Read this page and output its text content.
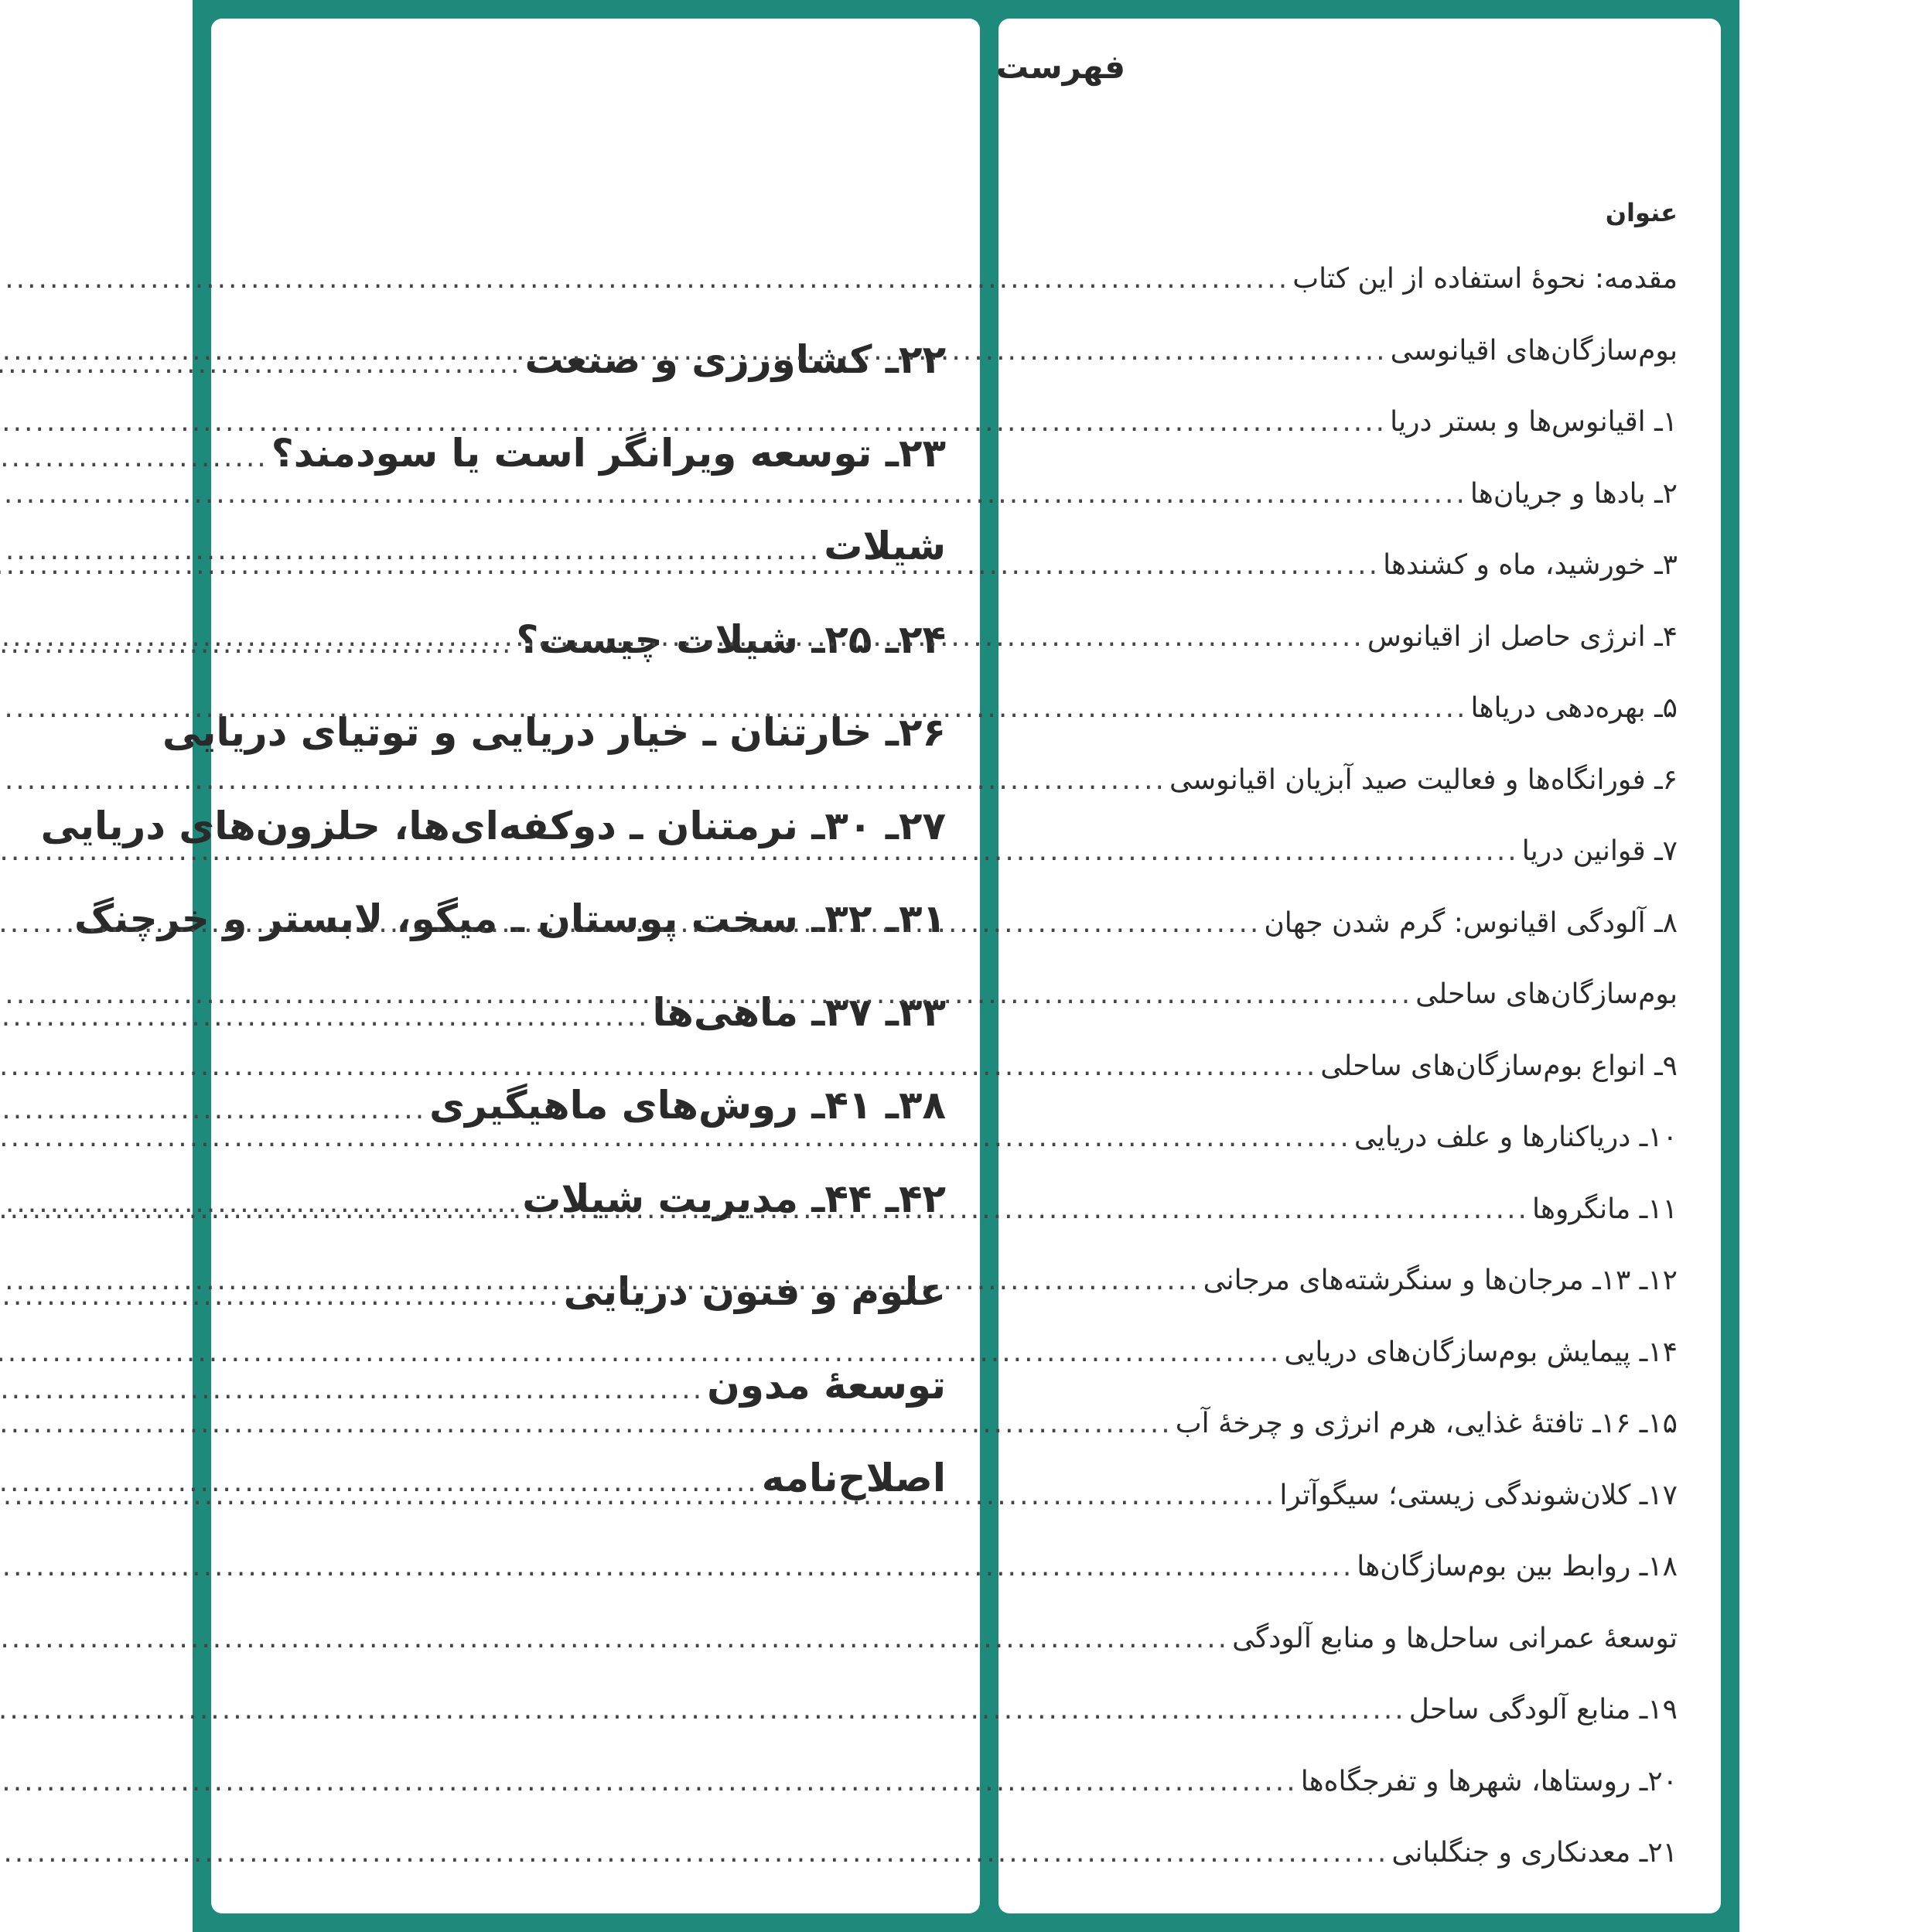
۲۲ـ کشاورزی و صنعت
.....
۲۳ـ توسعه ویرانگر است یا سودمند؟
.....
شیلات
.....
۲۴ـ ۲۵ـ شیلات چیست؟
.....
۲۶ـ خارتنان ـ خیار دریایی و توتیای دریایی
۲۷ـ ۳۰ـ نرمتنان ـ دوکفه‌ای‌ها، حلزون‌های دریایی
۳۱ـ ۳۲ـ سخت پوستان ـ میگو، لابستر و خرچنگ
۳۳ـ ۳۷ـ ماهی‌ها
.....
۳۸ـ ۴۱ـ روش‌های ماهیگیری
.....
۴۲ـ ۴۴ـ مدیریت شیلات
.....
علوم و فنون دریایی
.....
توسعهٔ مدون
.....
اصلاح‌نامه
.....
فهرست
عنوان
مقدمه: نحوهٔ استفاده از این کتاب
.....
بوم‌سازگان‌های اقیانوسی
.....
۱ـ اقیانوس‌ها و بستر دریا
.....
۲ـ بادها و جریان‌ها
.....
۳ـ خورشید، ماه و کشندها
.....
۴ـ انرژی حاصل از اقیانوس
.....
۵ـ بهره‌دهی دریاها
.....
۶ـ فورانگاه‌ها و فعالیت صید آبزیان اقیانوسی
.....
۷ـ قوانین دریا
.....
۸ـ آلودگی اقیانوس: گرم شدن جهان
.....
بوم‌سازگان‌های ساحلی
.....
۹ـ انواع بوم‌سازگان‌های ساحلی
.....
۱۰ـ دریاکنارها و علف دریایی
.....
۱۱ـ مانگروها
.....
۱۲ـ ۱۳ـ مرجان‌ها و سنگرشته‌های مرجانی
.....
۱۴ـ پیمایش بوم‌سازگان‌های دریایی
.....
۱۵ـ ۱۶ـ تافتهٔ غذایی، هرم انرژی و چرخهٔ آب
.....
۱۷ـ کلان‌شوندگی زیستی؛ سیگوآترا
.....
۱۸ـ روابط بین بوم‌سازگان‌ها
.....
توسعهٔ عمرانی ساحل‌ها و منابع آلودگی
.....
۱۹ـ منابع آلودگی ساحل
.....
۲۰ـ روستاها، شهرها و تفرجگاه‌ها
.....
۲۱ـ معدنکاری و جنگلبانی
.....
